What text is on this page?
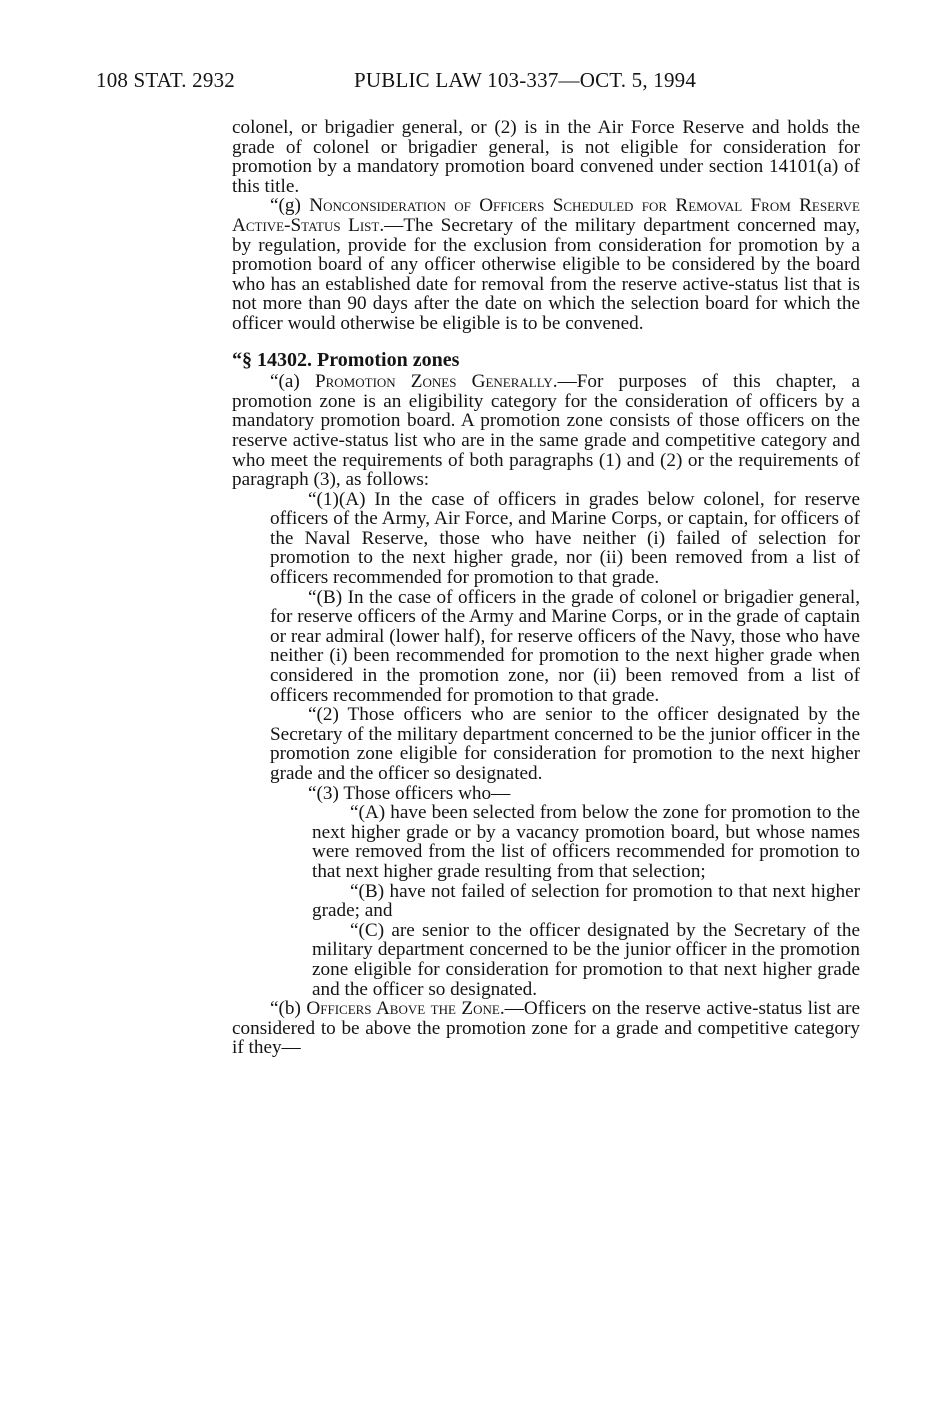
108 STAT. 2932	PUBLIC LAW 103-337—OCT. 5, 1994

colonel, or brigadier general, or (2) is in the Air Force Reserve and holds the grade of colonel or brigadier general, is not eligible for consideration for promotion by a mandatory promotion board convened under section 14101(a) of this title.

“(g) Nonconsideration of Officers Scheduled for Removal From Reserve Active-Status List.—The Secretary of the military department concerned may, by regulation, provide for the exclusion from consideration for promotion by a promotion board of any officer otherwise eligible to be considered by the board who has an established date for removal from the reserve active-status list that is not more than 90 days after the date on which the selection board for which the officer would otherwise be eligible is to be convened.

“§ 14302. Promotion zones

“(a) Promotion Zones Generally.—For purposes of this chapter, a promotion zone is an eligibility category for the consideration of officers by a mandatory promotion board. A promotion zone consists of those officers on the reserve active-status list who are in the same grade and competitive category and who meet the requirements of both paragraphs (1) and (2) or the requirements of paragraph (3), as follows:

“(1)(A) In the case of officers in grades below colonel, for reserve officers of the Army, Air Force, and Marine Corps, or captain, for officers of the Naval Reserve, those who have neither (i) failed of selection for promotion to the next higher grade, nor (ii) been removed from a list of officers recommended for promotion to that grade.

“(B) In the case of officers in the grade of colonel or brigadier general, for reserve officers of the Army and Marine Corps, or in the grade of captain or rear admiral (lower half), for reserve officers of the Navy, those who have neither (i) been recommended for promotion to the next higher grade when considered in the promotion zone, nor (ii) been removed from a list of officers recommended for promotion to that grade.

“(2) Those officers who are senior to the officer designated by the Secretary of the military department concerned to be the junior officer in the promotion zone eligible for consideration for promotion to the next higher grade and the officer so designated.

“(3) Those officers who—

“(A) have been selected from below the zone for promotion to the next higher grade or by a vacancy promotion board, but whose names were removed from the list of officers recommended for promotion to that next higher grade resulting from that selection;

“(B) have not failed of selection for promotion to that next higher grade; and

“(C) are senior to the officer designated by the Secretary of the military department concerned to be the junior officer in the promotion zone eligible for consideration for promotion to that next higher grade and the officer so designated.

“(b) Officers Above the Zone.—Officers on the reserve active-status list are considered to be above the promotion zone for a grade and competitive category if they—
